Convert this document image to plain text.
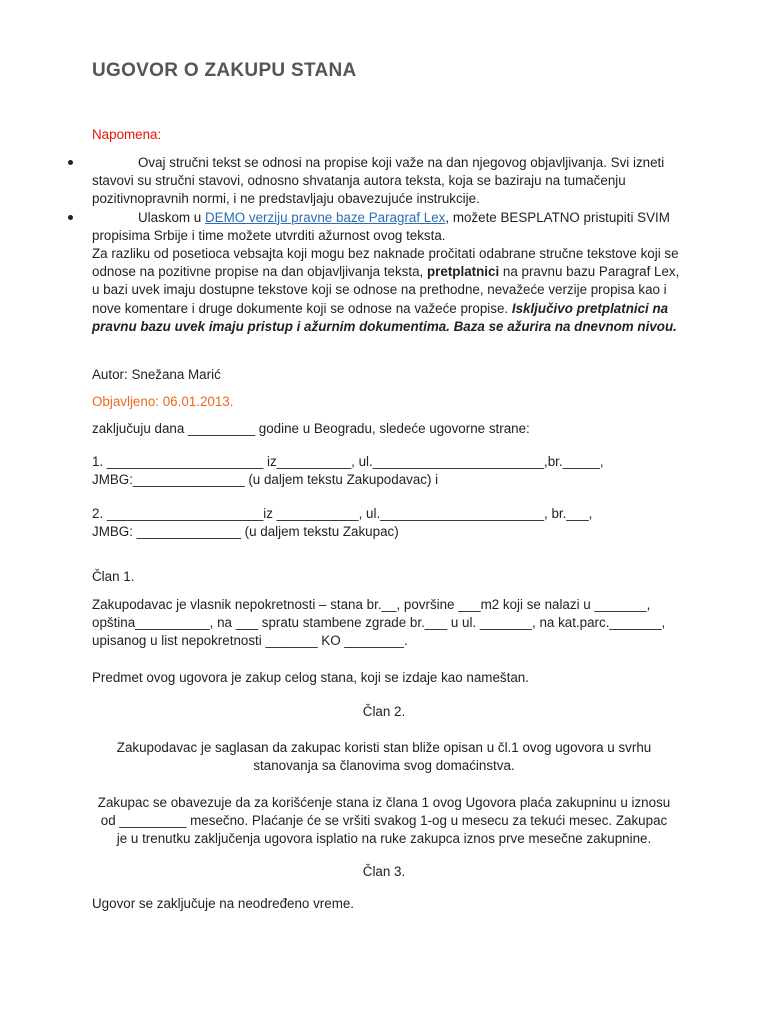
UGOVOR O ZAKUPU STANA
Napomena:
Ovaj stručni tekst se odnosi na propise koji važe na dan njegovog objavljivanja. Svi izneti stavovi su stručni stavovi, odnosno shvatanja autora teksta, koja se baziraju na tumačenju pozitivnopravnih normi, i ne predstavljaju obavezujuće instrukcije.
Ulaskom u DEMO verziju pravne baze Paragraf Lex, možete BESPLATNO pristupiti SVIM propisima Srbije i time možete utvrditi ažurnost ovog teksta.
Za razliku od posetioca vebsajta koji mogu bez naknade pročitati odabrane stručne tekstove koji se odnose na pozitivne propise na dan objavljivanja teksta, pretplatnici na pravnu bazu Paragraf Lex, u bazi uvek imaju dostupne tekstove koji se odnose na prethodne, nevažeće verzije propisa kao i nove komentare i druge dokumente koji se odnose na važeće propise. Isključivo pretplatnici na pravnu bazu uvek imaju pristup i ažurnim dokumentima. Baza se ažurira na dnevnom nivou.
Autor: Snežana Marić
Objavljeno: 06.01.2013.
zaključuju dana _________ godine u Beogradu, sledeće ugovorne strane:
1. _____________________ iz__________, ul._______________________,br._____,
JMBG:_______________ (u daljem tekstu Zakupodavac) i
2. _____________________iz ___________, ul.______________________, br.___,
JMBG: ______________ (u daljem tekstu Zakupac)
Član 1.
Zakupodavac je vlasnik nepokretnosti – stana br.__, površine ___m2 koji se nalazi u _______,
opština__________, na ___ spratu stambene zgrade br.___ u ul. _______, na kat.parc._______,
upisanog u list nepokretnosti _______ KO ________.
Predmet ovog ugovora je zakup celog stana, koji se izdaje kao nameštan.
Član 2.
Zakupodavac je saglasan da zakupac koristi stan bliže opisan u čl.1 ovog ugovora u svrhu
stanovanja sa članovima svog domaćinstva.
Zakupac se obavezuje da za korišćenje stana iz člana 1 ovog Ugovora plaća zakupninu u iznosu
od _________ mesečno. Plaćanje će se vršiti svakog 1-og u mesecu za tekući mesec. Zakupac
je u trenutku zaključenja ugovora isplatio na ruke zakupca iznos prve mesečne zakupnine.
Član 3.
Ugovor se zaključuje na neodređeno vreme.
